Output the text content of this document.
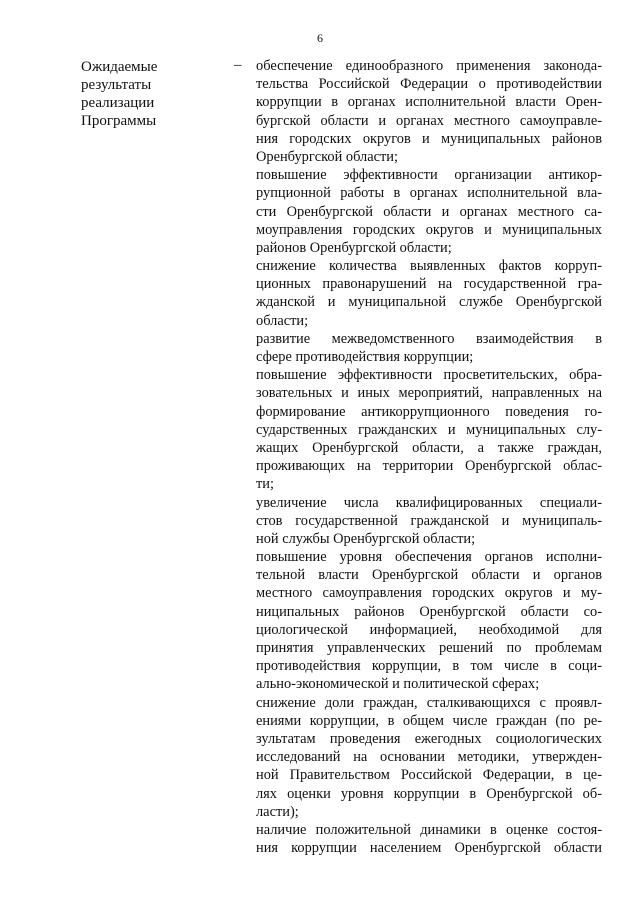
6
Ожидаемые
результаты
реализации
Программы
– обеспечение единообразного применения законода-
тельства Российской Федерации о противодействии
коррупции в органах исполнительной власти Орен-
бургской области и органах местного самоуправле-
ния городских округов и муниципальных районов
Оренбургской области;
повышение эффективности организации антикор-
рупционной работы в органах исполнительной вла-
сти Оренбургской области и органах местного са-
моуправления городских округов и муниципальных
районов Оренбургской области;
снижение количества выявленных фактов корруп-
ционных правонарушений на государственной гра-
жданской и муниципальной службе Оренбургской
области;
развитие межведомственного взаимодействия в
сфере противодействия коррупции;
повышение эффективности просветительских, обра-
зовательных и иных мероприятий, направленных на
формирование антикоррупционного поведения го-
сударственных гражданских и муниципальных слу-
жащих Оренбургской области, а также граждан,
проживающих на территории Оренбургской облас-
ти;
увеличение числа квалифицированных специали-
стов государственной гражданской и муниципаль-
ной службы Оренбургской области;
повышение уровня обеспечения органов исполни-
тельной власти Оренбургской области и органов
местного самоуправления городских округов и му-
ниципальных районов Оренбургской области со-
циологической информацией, необходимой для
принятия управленческих решений по проблемам
противодействия коррупции, в том числе в соци-
ально-экономической и политической сферах;
снижение доли граждан, сталкивающихся с проявл-
ениями коррупции, в общем числе граждан (по ре-
зультатам проведения ежегодных социологических
исследований на основании методики, утвержден-
ной Правительством Российской Федерации, в це-
лях оценки уровня коррупции в Оренбургской об-
ласти);
наличие положительной динамики в оценке состоя-
ния коррупции населением Оренбургской области
